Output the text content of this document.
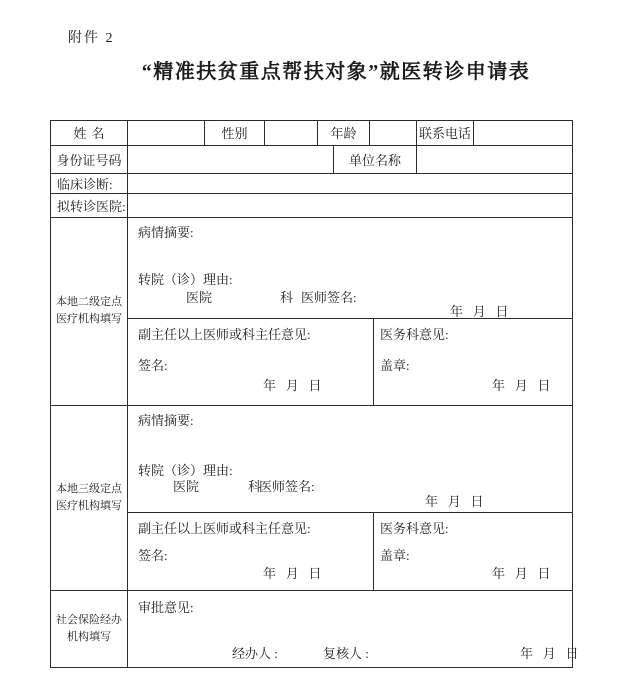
附件 2
“精准扶贫重点帮扶对象”就医转诊申请表
姓名	性别	年龄	联系电话
身份证号码	单位名称
临床诊断:
拟转诊医院:
本地二级定点
医疗机构填写
病情摘要:
转院（诊）理由:
医院	科 医师签名:
年   月   日
副主任以上医师或科主任意见:
签名:
年   月   日
医务科意见:
盖章:
年   月   日
本地三级定点
医疗机构填写
病情摘要:
转院（诊）理由:
医院	科
医师签名:
年   月   日
副主任以上医师或科主任意见:
签名:
年   月   日
医务科意见:
盖章:
年   月   日
社会保险经办
机构填写
审批意见:
经办人 :	复核人 :	年   月   日
